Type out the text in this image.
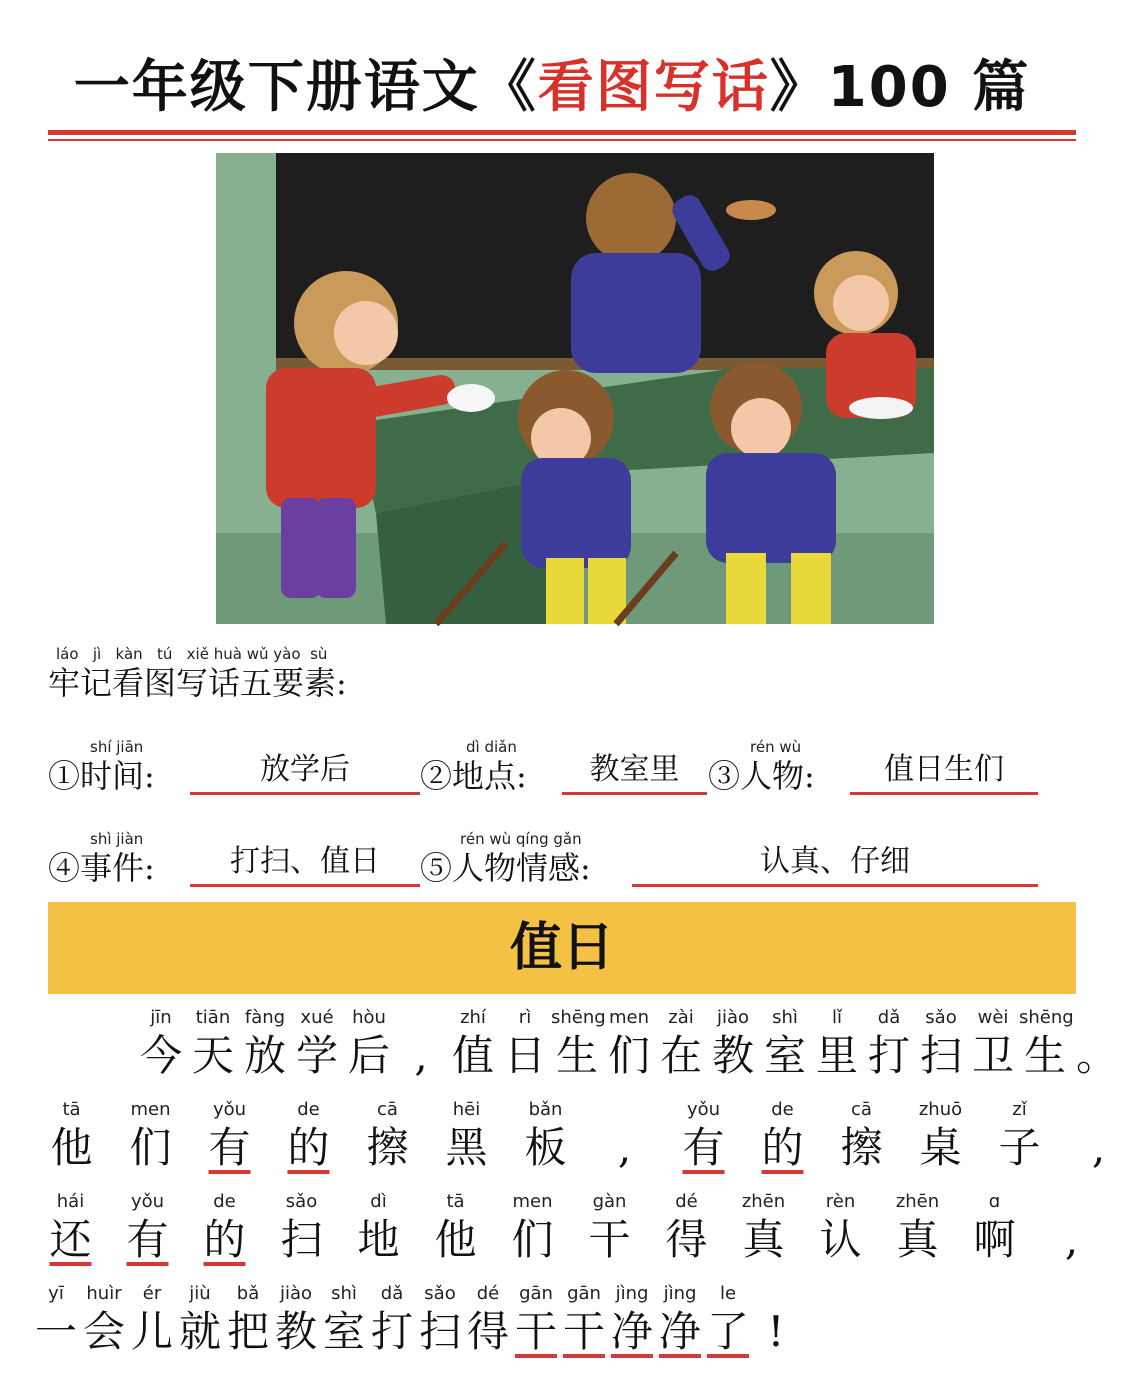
一年级下册语文《看图写话》100 篇
láo jì kàn tú xiě huà wǔ yào sù
牢记看图写话五要素:
shí jiān
①时间:	放学后
dì diǎn
②地点:	教室里
rén wù
③人物:	值日生们
shì jiàn
④事件:	打扫、值日
rén wù qíng gǎn
⑤人物情感:	认真、仔细
值日
jīn
今
tiān
天
fàng
放
xué
学
hòu
后 ,
zhí
值
rì
日
shēng
生
men
们
zài
在
jiào
教
shì
室
lǐ
里
dǎ
打
sǎo
扫
wèi
卫
shēng
生 。
tā
他
men
们
yǒu
有
de
的
cā
擦
hēi
黑
bǎn
板	,
yǒu
有
de
的
cā
擦
zhuō
桌
zǐ
子	,
hái
还
yǒu
有
de
的
sǎo
扫
dì
地
tā
他
men
们
gàn
干
dé
得
zhēn
真
rèn
认
zhēn
真
ɑ
啊	,
yī
一
huìr
会
ér
儿
jiù
就
bǎ
把
jiào
教
shì
室
dǎ
打
sǎo
扫
dé
得
gān
干
gān
干
jìng
净
jìng
净
le
了 !
